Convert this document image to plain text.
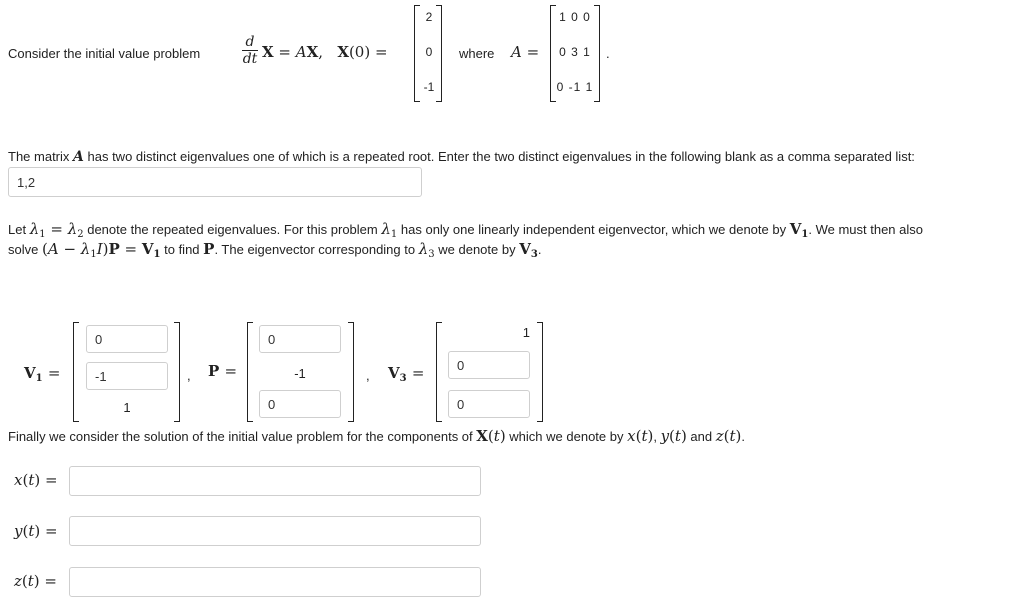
Consider the initial value problem
d
dt X = AX,   X(0) =
2
0
-1
where A =
1 0 0
0 3 1
0 -1 1
.
The matrix A has two distinct eigenvalues one of which is a repeated root. Enter the two distinct eigenvalues in the following blank as a comma separated list:
1,2
Let $\lambda_1 = \lambda_2$ denote the repeated eigenvalues. For this problem $\lambda_1$ has only one linearly independent eigenvector, which we denote by $V_1$. We must then also
solve $(A - \lambda_1I)P = V_1$ to find P. The eigenvector corresponding to $\lambda_3$ we denote by $V_3$.
$V_1$ =
0
-1
1
, P =
0	-1
0	, $V_3$ =
1
0
0
Finally we consider the solution of the initial value problem for the components of X(t) which we denote by x(t), y(t) and z(t).
x(t) =
y(t) =
z(t) =
